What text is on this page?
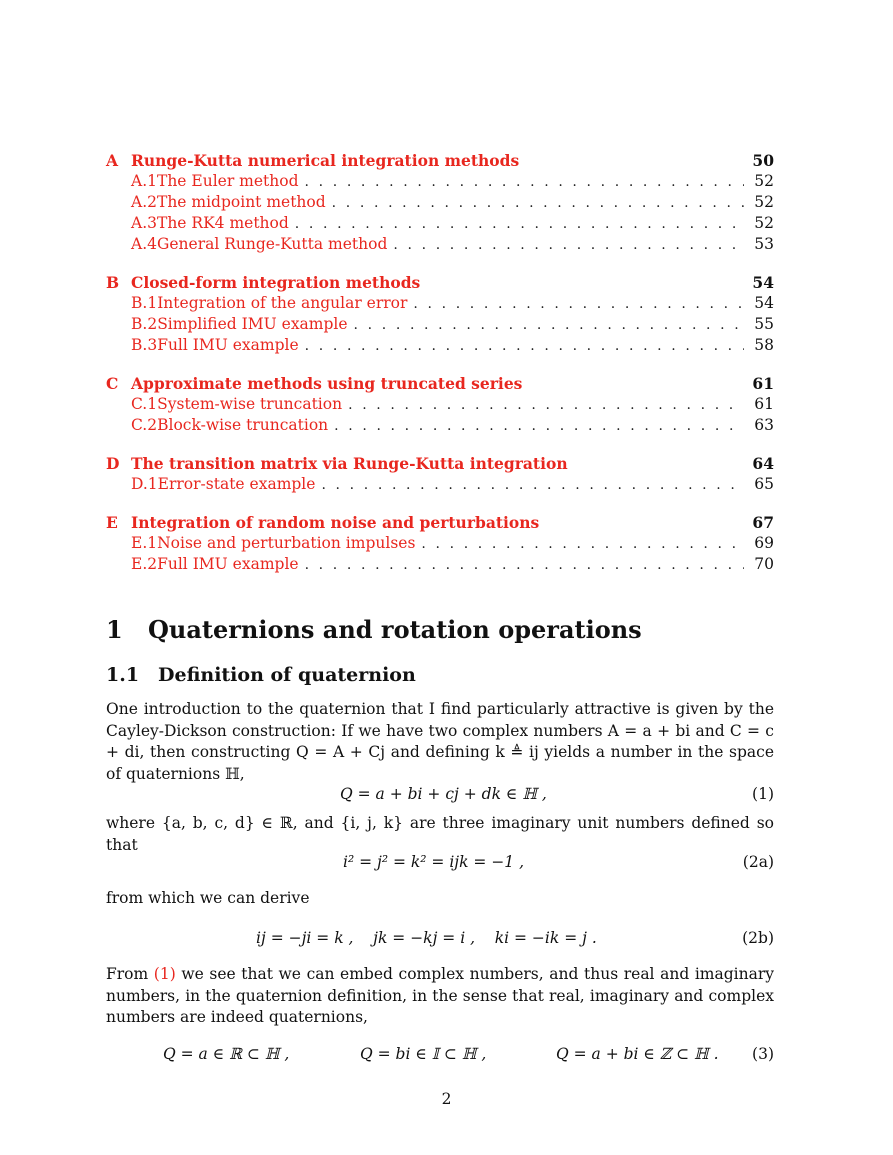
A Runge-Kutta numerical integration methods	50
A.1 The Euler method . . .	52
A.2 The midpoint method . . .	52
A.3 The RK4 method . . .	52
A.4 General Runge-Kutta method . . .	53
B Closed-form integration methods	54
B.1 Integration of the angular error . . .	54
B.2 Simplified IMU example . . .	55
B.3 Full IMU example . . .	58
C Approximate methods using truncated series	61
C.1 System-wise truncation . . .	61
C.2 Block-wise truncation . . .	63
D The transition matrix via Runge-Kutta integration	64
D.1 Error-state example . . .	65
E Integration of random noise and perturbations	67
E.1 Noise and perturbation impulses . . .	69
E.2 Full IMU example . . .	70
1 Quaternions and rotation operations
1.1 Definition of quaternion
One introduction to the quaternion that I find particularly attractive is given by the Cayley-Dickson construction: If we have two complex numbers A = a + bi and C = c + di, then constructing Q = A + Cj and defining k ≜ ij yields a number in the space of quaternions ℍ,
Q = a + bi + cj + dk ∈ ℍ ,	(1)
where {a, b, c, d} ∈ ℝ, and {i, j, k} are three imaginary unit numbers defined so that
i² = j² = k² = ijk = −1 ,	(2a)
from which we can derive
ij = −ji = k ,    jk = −kj = i ,    ki = −ik = j .	(2b)
From (1) we see that we can embed complex numbers, and thus real and imaginary numbers, in the quaternion definition, in the sense that real, imaginary and complex numbers are indeed quaternions,
Q = a ∈ ℝ ⊂ ℍ ,	Q = bi ∈ 𝕀 ⊂ ℍ ,	Q = a + bi ∈ ℤ ⊂ ℍ . (3)
2
